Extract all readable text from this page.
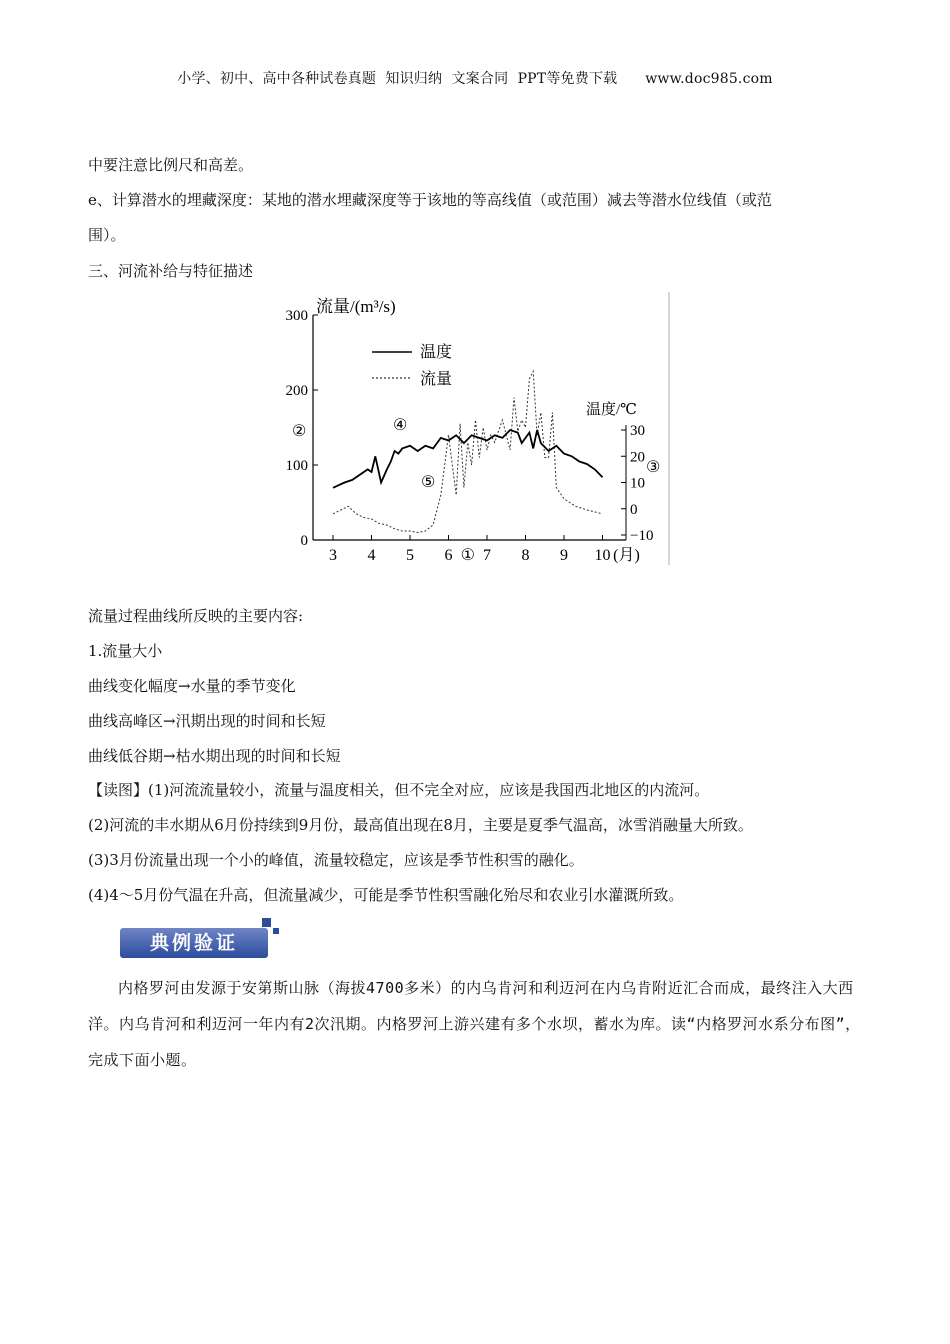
小学、初中、高中各种试卷真题  知识归纳  文案合同  PPT等免费下载      www.doc985.com
中要注意比例尺和高差。
e、计算潜水的埋藏深度：某地的潜水埋藏深度等于该地的等高线值（或范围）减去等潜水位线值（或范
围）。
三、河流补给与特征描述
流量/(m³/s)
温度/℃
300
200
100
0
30
20
10
0
−10
3 4 5 6 ① 7 8 9 10 (月)
温度
流量
②
③
④
⑤
流量过程曲线所反映的主要内容:
1.流量大小
曲线变化幅度→水量的季节变化
曲线高峰区→汛期出现的时间和长短
曲线低谷期→枯水期出现的时间和长短
【读图】(1)河流流量较小，流量与温度相关，但不完全对应，应该是我国西北地区的内流河。
(2)河流的丰水期从6月份持续到9月份，最高值出现在8月，主要是夏季气温高，冰雪消融量大所致。
(3)3月份流量出现一个小的峰值，流量较稳定，应该是季节性积雪的融化。
(4)4～5月份气温在升高，但流量减少，可能是季节性积雪融化殆尽和农业引水灌溉所致。
典例验证
内格罗河由发源于安第斯山脉（海拔4700多米）的内乌肯河和利迈河在内乌肯附近汇合而成，最终注入大西洋。内乌肯河和利迈河一年内有2次汛期。内格罗河上游兴建有多个水坝，蓄水为库。读“内格罗河水系分布图”，完成下面小题。
